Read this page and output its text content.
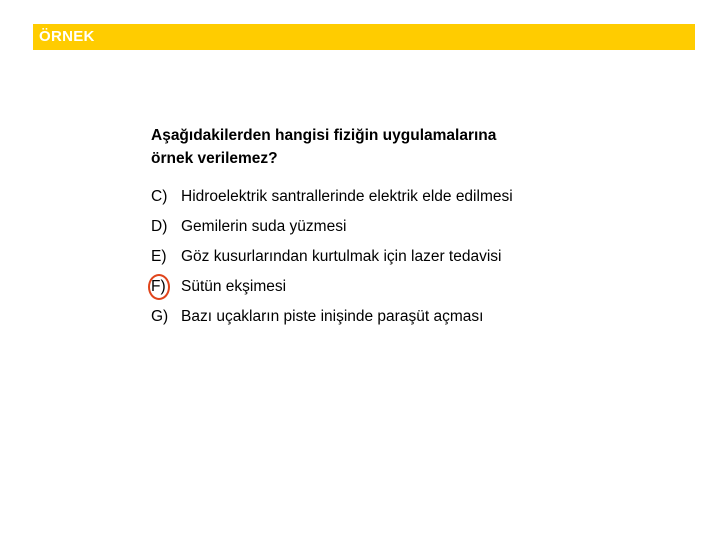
ÖRNEK
Aşağıdakilerden hangisi fiziğin uygulamalarına
örnek verilemez?
C) Hidroelektrik santrallerinde elektrik elde edilmesi
D) Gemilerin suda yüzmesi
E) Göz kusurlarından kurtulmak için lazer tedavisi
F) Sütün ekşimesi
G) Bazı uçakların piste inişinde paraşüt açması
